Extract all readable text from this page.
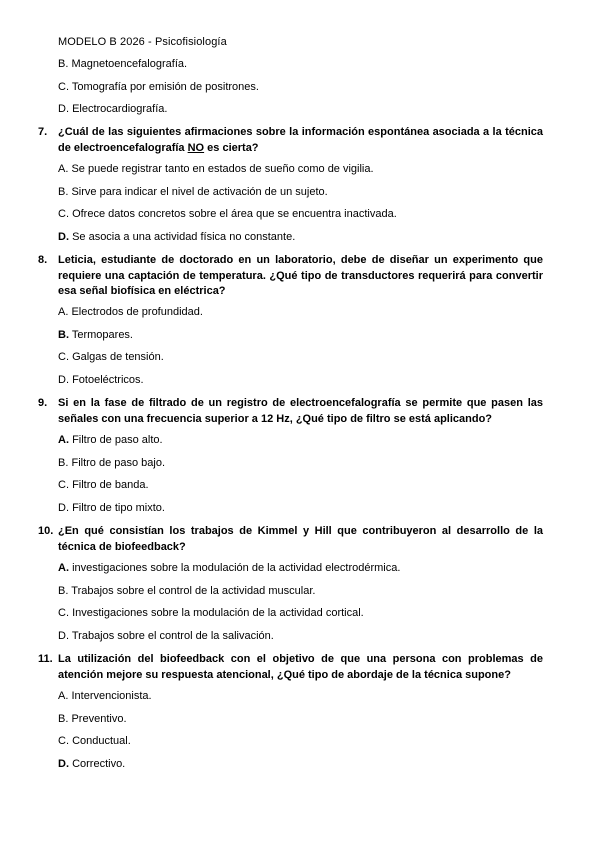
MODELO B 2026 - Psicofisiología
B. Magnetoencefalografía.
C. Tomografía por emisión de positrones.
D. Electrocardiografía.
7. ¿Cuál de las siguientes afirmaciones sobre la información espontánea asociada a la técnica de electroencefalografía NO es cierta?
A. Se puede registrar tanto en estados de sueño como de vigilia.
B. Sirve para indicar el nivel de activación de un sujeto.
C. Ofrece datos concretos sobre el área que se encuentra inactivada.
D. Se asocia a una actividad física no constante.
8. Leticia, estudiante de doctorado en un laboratorio, debe de diseñar un experimento que requiere una captación de temperatura. ¿Qué tipo de transductores requerirá para convertir esa señal biofísica en eléctrica?
A. Electrodos de profundidad.
B. Termopares.
C. Galgas de tensión.
D. Fotoeléctricos.
9. Si en la fase de filtrado de un registro de electroencefalografía se permite que pasen las señales con una frecuencia superior a 12 Hz, ¿Qué tipo de filtro se está aplicando?
A. Filtro de paso alto.
B. Filtro de paso bajo.
C. Filtro de banda.
D. Filtro de tipo mixto.
10. ¿En qué consistían los trabajos de Kimmel y Hill que contribuyeron al desarrollo de la técnica de biofeedback?
A. investigaciones sobre la modulación de la actividad electrodérmica.
B. Trabajos sobre el control de la actividad muscular.
C. Investigaciones sobre la modulación de la actividad cortical.
D. Trabajos sobre el control de la salivación.
11. La utilización del biofeedback con el objetivo de que una persona con problemas de atención mejore su respuesta atencional, ¿Qué tipo de abordaje de la técnica supone?
A. Intervencionista.
B. Preventivo.
C. Conductual.
D. Correctivo.
